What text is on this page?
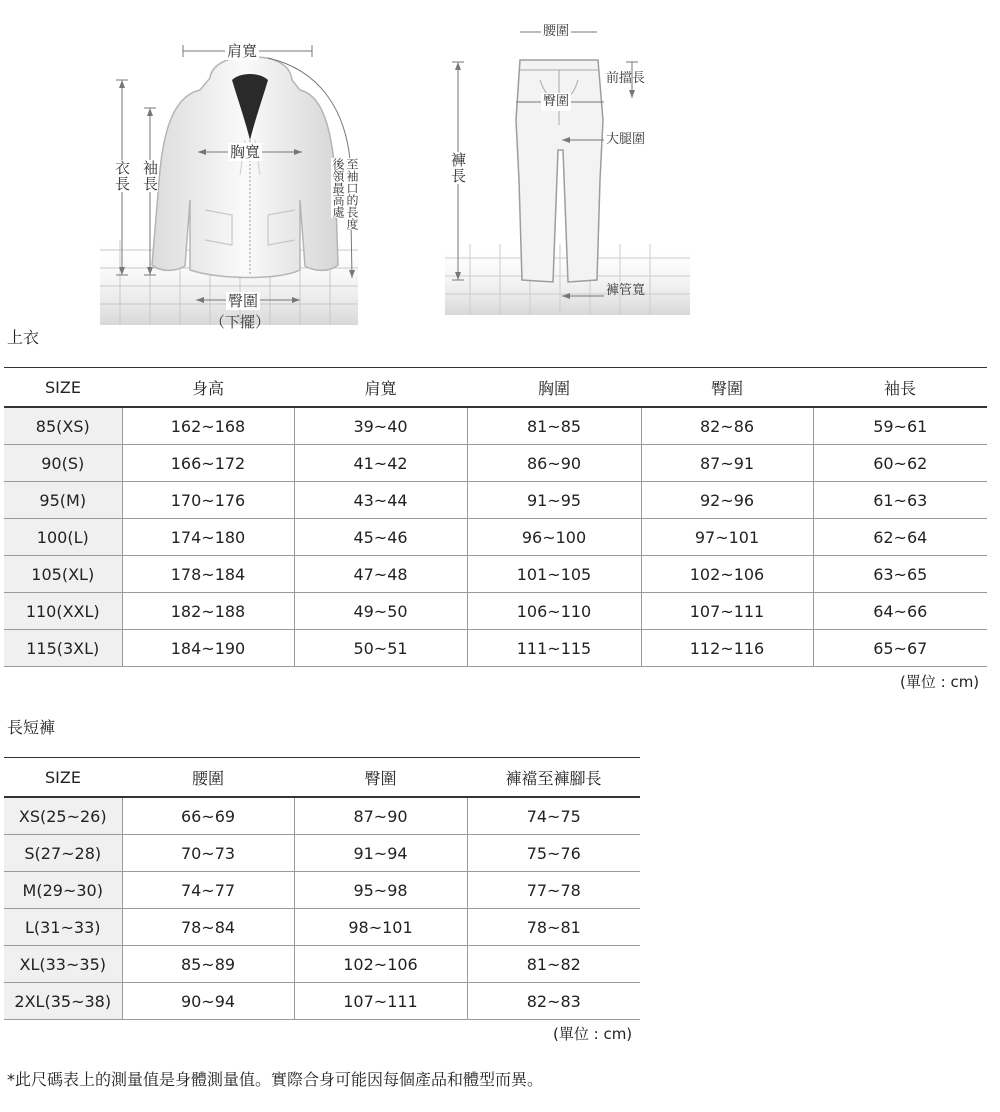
肩寬
胸寬
衣長 袖長	至袖口的長度
後領最高處
臀圍
（下擺）
腰圍
臀圍
前擋長
大腿圍
褲長
褲管寬
上衣
SIZE	身高	肩寬	胸圍	臀圍	袖長
85(XS)	162~168	39~40	81~85	82~86	59~61
90(S)	166~172	41~42	86~90	87~91	60~62
95(M)	170~176	43~44	91~95	92~96	61~63
100(L)	174~180	45~46	96~100	97~101	62~64
105(XL)	178~184	47~48	101~105	102~106	63~65
110(XXL)	182~188	49~50	106~110	107~111	64~66
115(3XL)	184~190	50~51	111~115	112~116	65~67
(單位 : cm)
長短褲
SIZE	腰圍	臀圍	褲襠至褲腳長
XS(25~26)	66~69	87~90	74~75
S(27~28)	70~73	91~94	75~76
M(29~30)	74~77	95~98	77~78
L(31~33)	78~84	98~101	78~81
XL(33~35)	85~89	102~106	81~82
2XL(35~38)	90~94	107~111	82~83
(單位 : cm)
*此尺碼表上的測量值是身體測量值。實際合身可能因每個產品和體型而異。
